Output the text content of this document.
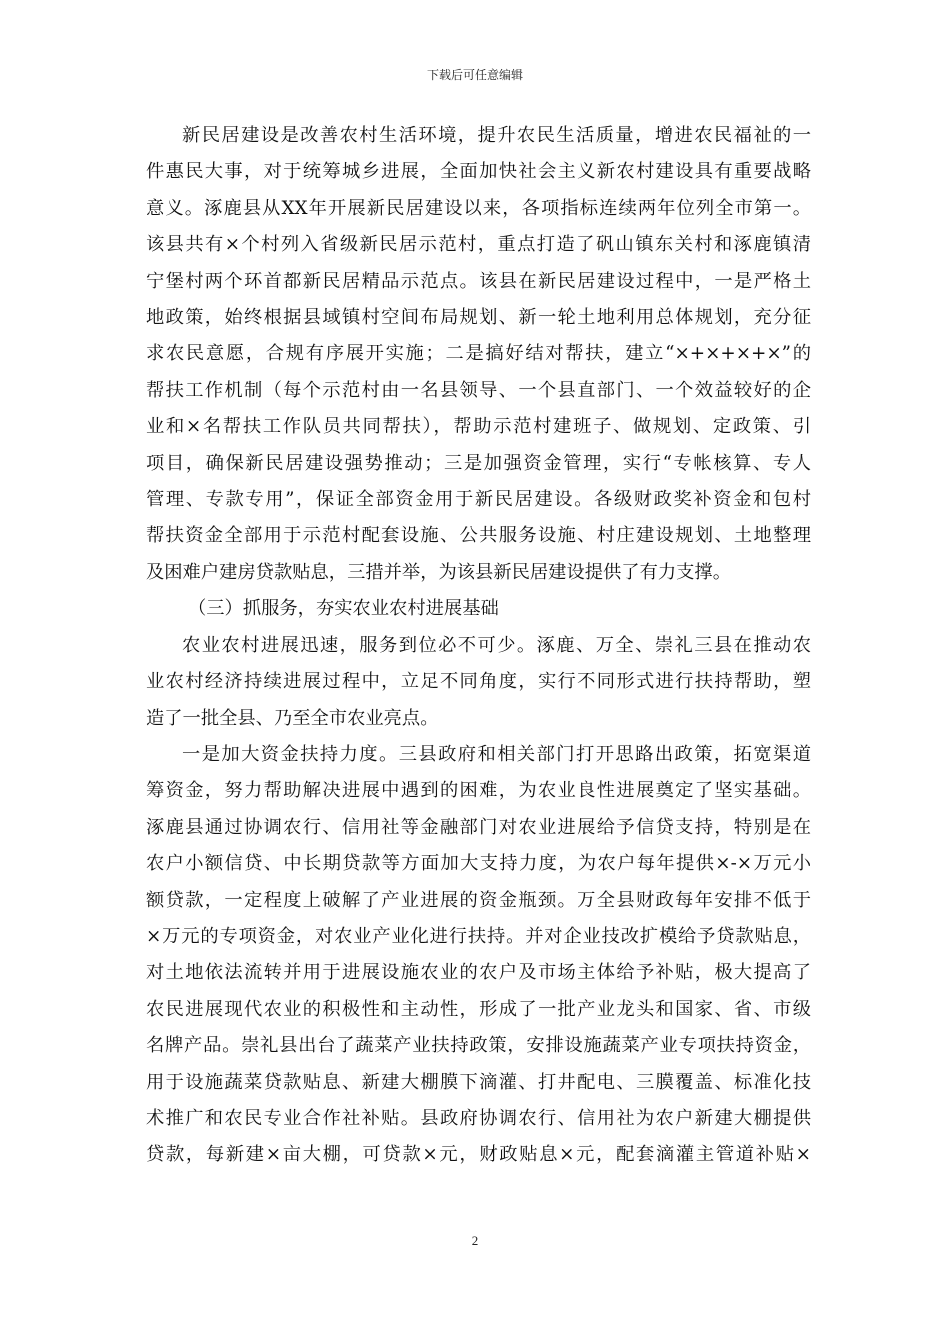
下载后可任意编辑
新民居建设是改善农村生活环境，提升农民生活质量，增进农民福祉的一
件惠民大事，对于统筹城乡进展，全面加快社会主义新农村建设具有重要战略
意义。涿鹿县从XX年开展新民居建设以来，各项指标连续两年位列全市第一。
该县共有×个村列入省级新民居示范村，重点打造了矾山镇东关村和涿鹿镇清
宁堡村两个环首都新民居精品示范点。该县在新民居建设过程中，一是严格土
地政策，始终根据县域镇村空间布局规划、新一轮土地利用总体规划，充分征
求农民意愿，合规有序展开实施；二是搞好结对帮扶，建立“×+×+×+×”的
帮扶工作机制（每个示范村由一名县领导、一个县直部门、一个效益较好的企
业和×名帮扶工作队员共同帮扶），帮助示范村建班子、做规划、定政策、引
项目，确保新民居建设强势推动；三是加强资金管理，实行“专帐核算、专人
管理、专款专用”，保证全部资金用于新民居建设。各级财政奖补资金和包村
帮扶资金全部用于示范村配套设施、公共服务设施、村庄建设规划、土地整理
及困难户建房贷款贴息，三措并举，为该县新民居建设提供了有力支撑。
（三）抓服务，夯实农业农村进展基础
农业农村进展迅速，服务到位必不可少。涿鹿、万全、崇礼三县在推动农
业农村经济持续进展过程中，立足不同角度，实行不同形式进行扶持帮助，塑
造了一批全县、乃至全市农业亮点。
一是加大资金扶持力度。三县政府和相关部门打开思路出政策，拓宽渠道
筹资金，努力帮助解决进展中遇到的困难，为农业良性进展奠定了坚实基础。
涿鹿县通过协调农行、信用社等金融部门对农业进展给予信贷支持，特别是在
农户小额信贷、中长期贷款等方面加大支持力度，为农户每年提供×-×万元小
额贷款，一定程度上破解了产业进展的资金瓶颈。万全县财政每年安排不低于
×万元的专项资金，对农业产业化进行扶持。并对企业技改扩模给予贷款贴息，
对土地依法流转并用于进展设施农业的农户及市场主体给予补贴，极大提高了
农民进展现代农业的积极性和主动性，形成了一批产业龙头和国家、省、市级
名牌产品。崇礼县出台了蔬菜产业扶持政策，安排设施蔬菜产业专项扶持资金，
用于设施蔬菜贷款贴息、新建大棚膜下滴灌、打井配电、三膜覆盖、标准化技
术推广和农民专业合作社补贴。县政府协调农行、信用社为农户新建大棚提供
贷款，每新建×亩大棚，可贷款×元，财政贴息×元，配套滴灌主管道补贴×
2
